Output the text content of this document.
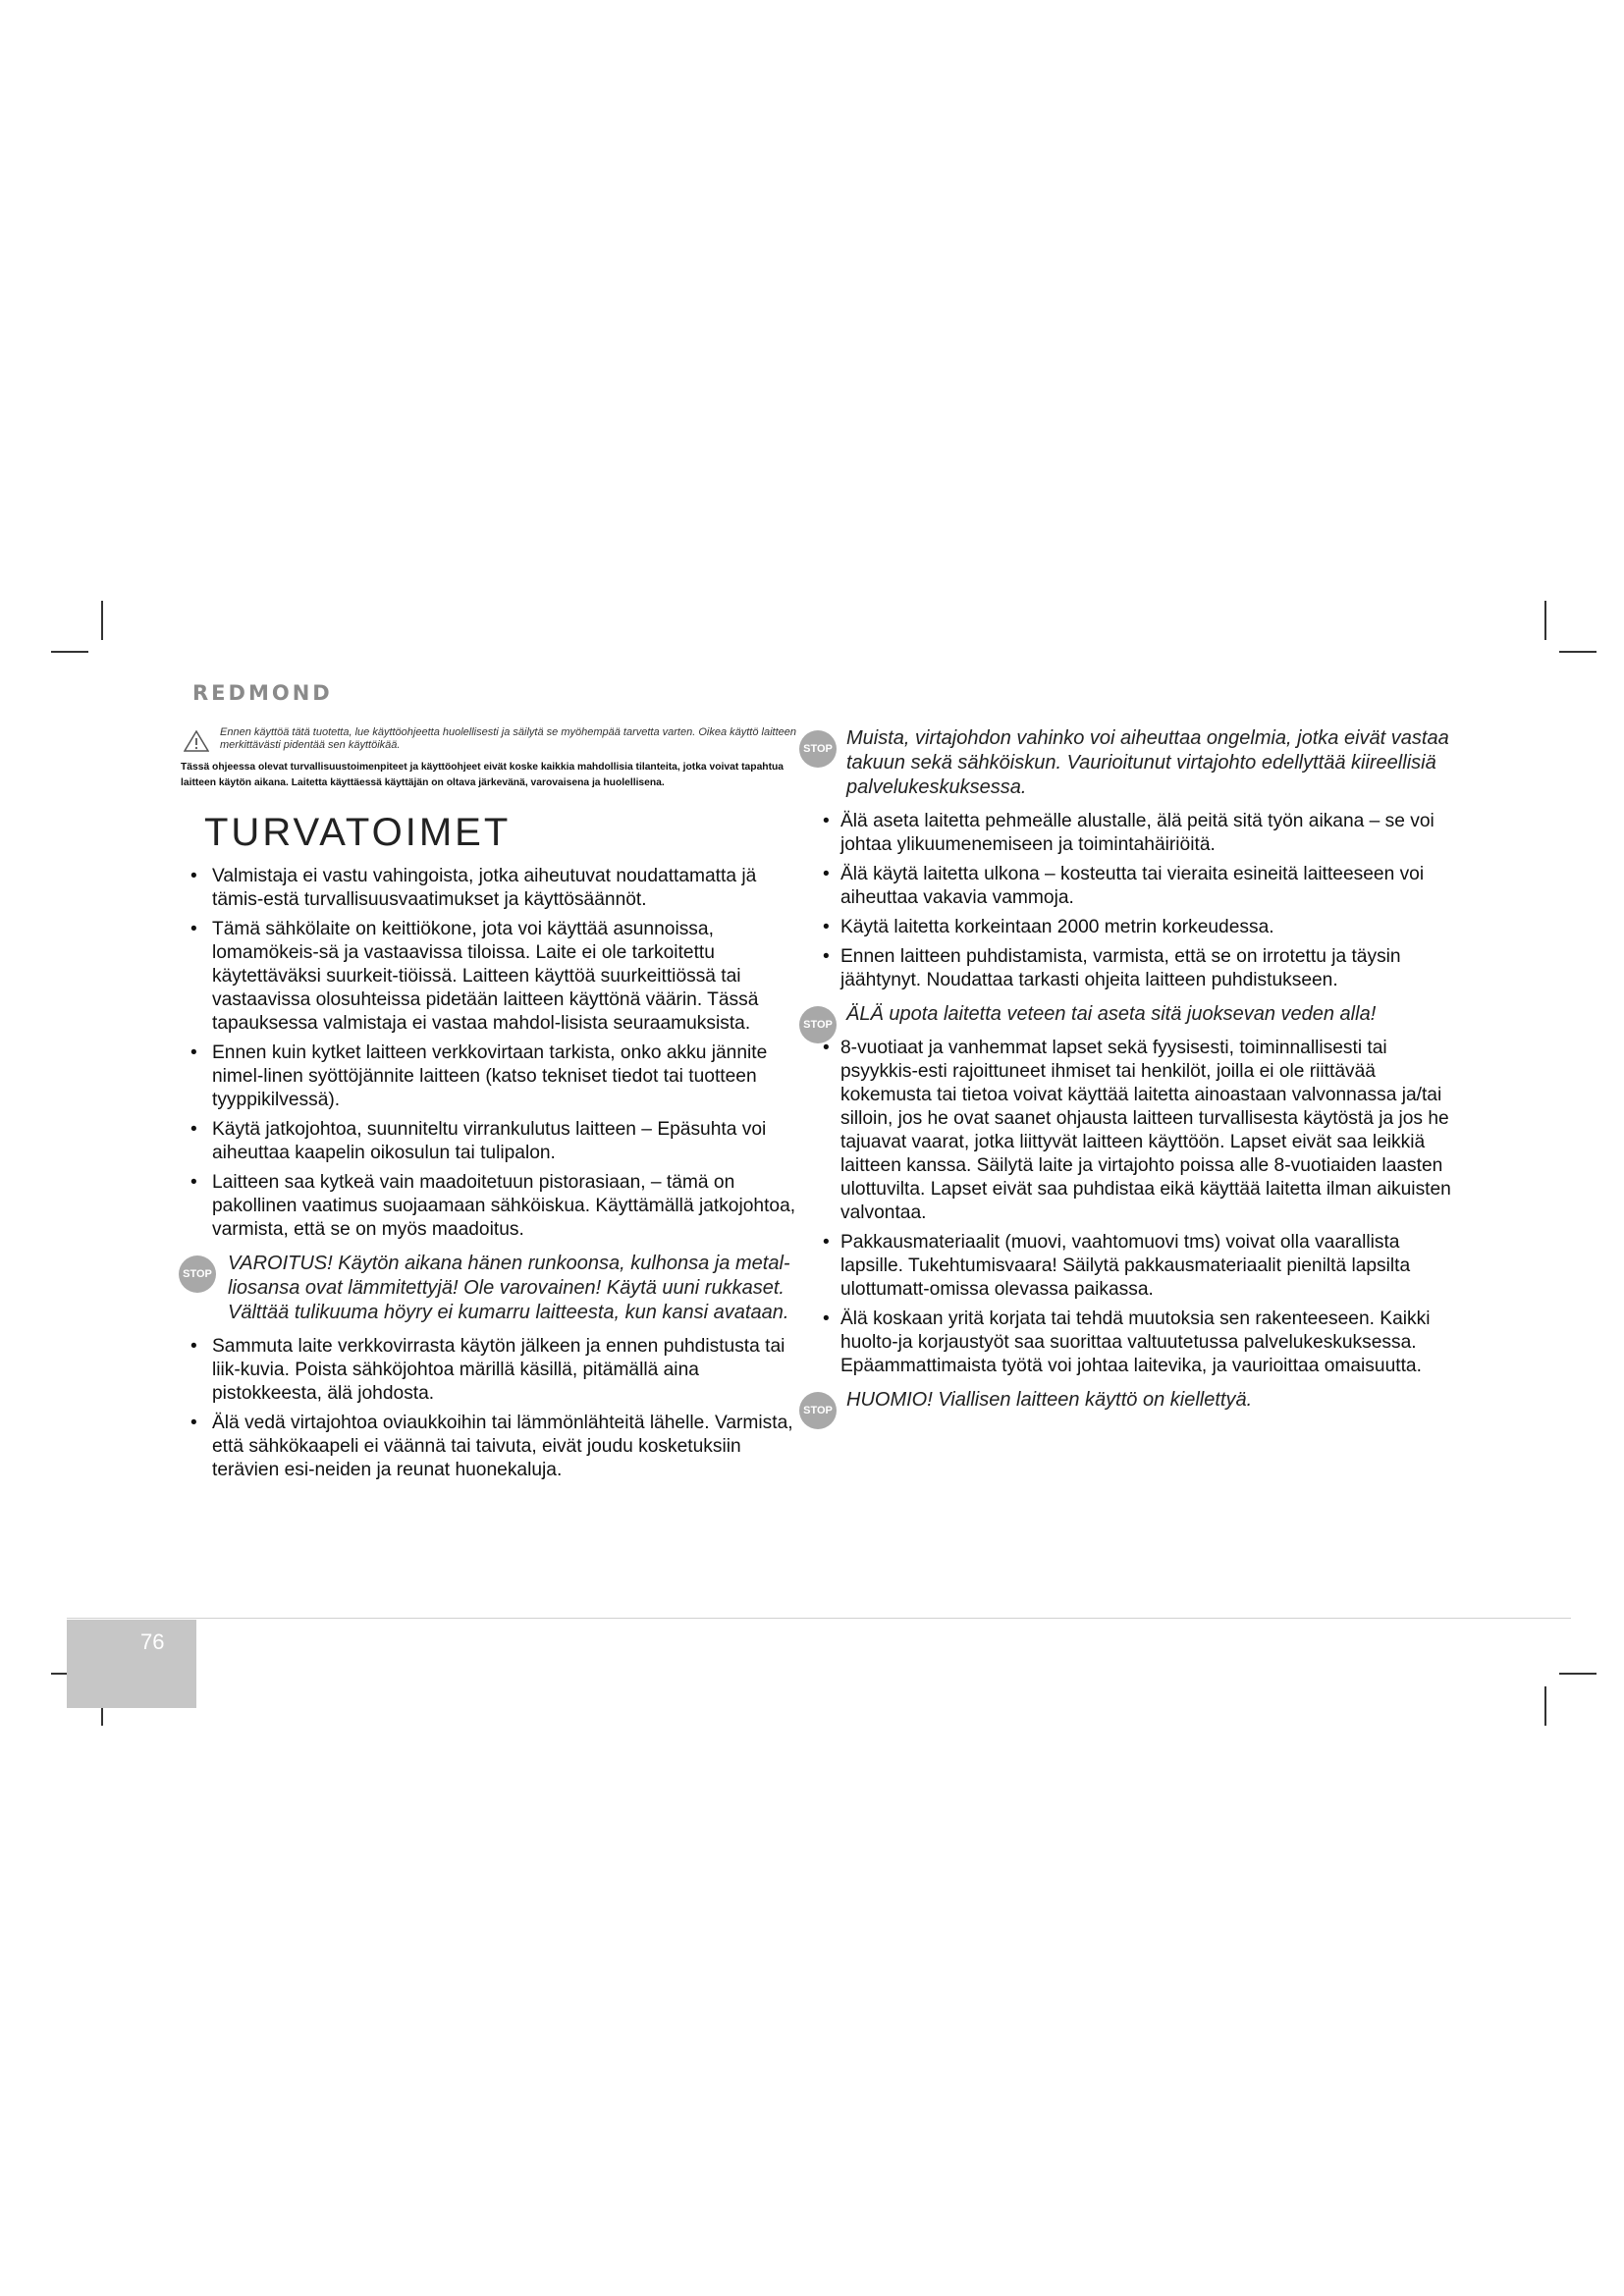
REDMOND
Ennen käyttöä tätä tuotetta, lue käyttöohjeetta huolellisesti ja säilytä se myöhempää tarvetta varten. Oikea käyttö laitteen merkittävästi pidentää sen käyttöikää.
Tässä ohjeessa olevat turvallisuustoimenpiteet ja käyttöohjeet eivät koske kaikkia mahdollisia tilanteita, jotka voivat tapahtua laitteen käytön aikana. Laitetta käyttäessä käyttäjän on oltava järkevänä, varovaisena ja huolellisena.
TURVATOIMET
• Valmistaja ei vastu vahingoista, jotka aiheutuvat noudattamatta jä tämis-estä turvallisuusvaatimukset ja käyttösäännöt.
• Tämä sähkölaite on keittiökone, jota voi käyttää asunnoissa, lomamökeis-sä ja vastaavissa tiloissa. Laite ei ole tarkoitettu käytettäväksi suurkeit-tiöissä. Laitteen käyttöä suurkeittiössä tai vastaavissa olosuhteissa pidetään laitteen käyttönä väärin. Tässä tapauksessa valmistaja ei vastaa mahdol-lisista seuraamuksista.
• Ennen kuin kytket laitteen verkkovirtaan tarkista, onko akku jännite nimel-linen syöttöjännite laitteen (katso tekniset tiedot tai tuotteen tyyppikilvessä).
• Käytä jatkojohtoa, suunniteltu virrankulutus laitteen – Epäsuhta voi aiheuttaa kaapelin oikosulun tai tulipalon.
• Laitteen saa kytkeä vain maadoitetuun pistorasiaan, – tämä on pakollinen vaatimus suojaamaan sähköiskua. Käyttämällä jatkojohtoa, varmista, että se on myös maadoitus.
STOP VAROITUS! Käytön aikana hänen runkoonsa, kulhonsa ja metal-liosansa ovat lämmitettyjä! Ole varovainen! Käytä uuni rukkaset. Välttää tulikuuma höyry ei kumarru laitteesta, kun kansi avataan.
• Sammuta laite verkkovirrasta käytön jälkeen ja ennen puhdistusta tai liik-kuvia. Poista sähköjohtoa märillä käsillä, pitämällä aina pistokkeesta, älä johdosta.
• Älä vedä virtajohtoa oviaukkoihin tai lämmönlähteitä lähelle. Varmista, että sähkökaapeli ei väännä tai taivuta, eivät joudu kosketuksiin terävien esi-neiden ja reunat huonekaluja.
STOP Muista, virtajohdon vahinko voi aiheuttaa ongelmia, jotka eivät vastaa takuun sekä sähköiskun. Vaurioitunut virtajohto edellyttää kiireellisiä palvelukeskuksessa.
• Älä aseta laitetta pehmeälle alustalle, älä peitä sitä työn aikana – se voi johtaa ylikuumenemiseen ja toimintahäiriöitä.
• Älä käytä laitetta ulkona – kosteutta tai vieraita esineitä laitteeseen voi aiheuttaa vakavia vammoja.
• Käytä laitetta korkeintaan 2000 metrin korkeudessa.
• Ennen laitteen puhdistamista, varmista, että se on irrotettu ja täysin jäähtynyt. Noudattaa tarkasti ohjeita laitteen puhdistukseen.
STOP ÄLÄ upota laitetta veteen tai aseta sitä juoksevan veden alla!
• 8-vuotiaat ja vanhemmat lapset sekä fyysisesti, toiminnallisesti tai psyykkis-esti rajoittuneet ihmiset tai henkilöt, joilla ei ole riittävää kokemusta tai tietoa voivat käyttää laitetta ainoastaan valvonnassa ja/tai silloin, jos he ovat saanet ohjausta laitteen turvallisesta käytöstä ja jos he tajuavat vaarat, jotka liittyvät laitteen käyttöön. Lapset eivät saa leikkiä laitteen kanssa. Säilytä laite ja virtajohto poissa alle 8-vuotiaiden laasten ulottuvilta. Lapset eivät saa puhdistaa eikä käyttää laitetta ilman aikuisten valvontaa.
• Pakkausmateriaalit (muovi, vaahtomuovi tms) voivat olla vaarallista lapsille. Tukehtumisvaara! Säilytä pakkausmateriaalit pieniltä lapsilta ulottumatt-omissa olevassa paikassa.
• Älä koskaan yritä korjata tai tehdä muutoksia sen rakenteeseen. Kaikki huolto-ja korjaustyöt saa suorittaa valtuutetussa palvelukeskuksessa. Epäammattimaista työtä voi johtaa laitevika, ja vaurioittaa omaisuutta.
STOP HUOMIO! Viallisen laitteen käyttö on kiellettyä.
76
